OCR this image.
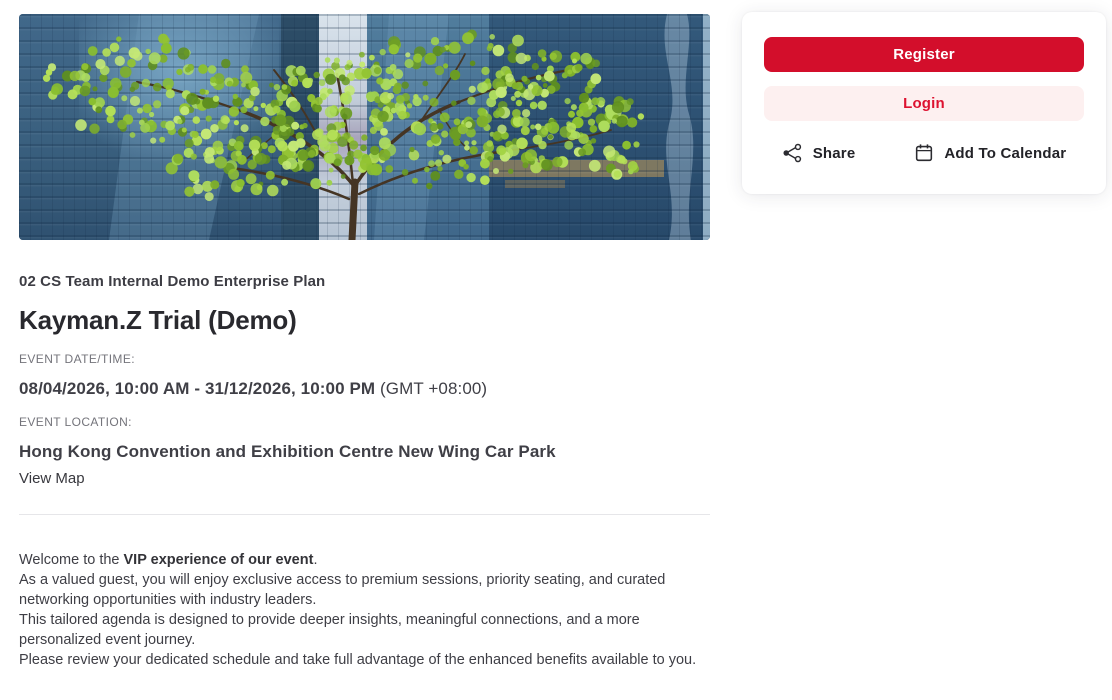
02 CS Team Internal Demo Enterprise Plan
Kayman.Z Trial (Demo)
EVENT DATE/TIME:
08/04/2026, 10:00 AM - 31/12/2026, 10:00 PM (GMT +08:00)
EVENT LOCATION:
Hong Kong Convention and Exhibition Centre New Wing Car Park
View Map
Welcome to the VIP experience of our event.
As a valued guest, you will enjoy exclusive access to premium sessions, priority seating, and curated networking opportunities with industry leaders.
This tailored agenda is designed to provide deeper insights, meaningful connections, and a more personalized event journey.
Please review your dedicated schedule and take full advantage of the enhanced benefits available to you.
Register
Login
Share	Add To Calendar
